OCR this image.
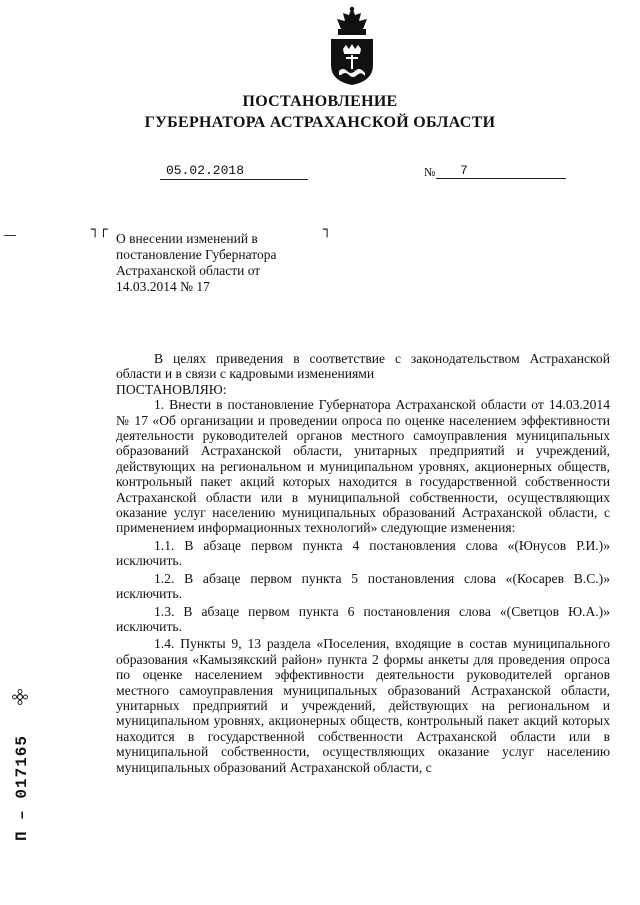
ПОСТАНОВЛЕНИЕ
ГУБЕРНАТОРА АСТРАХАНСКОЙ ОБЛАСТИ
05.02.2018	№	7
┐┌	┐
О внесении изменений в
постановление Губернатора
Астраханской области от
14.03.2014 № 17

В целях приведения в соответствие с законодательством Астраханской области и в связи с кадровыми изменениями

ПОСТАНОВЛЯЮ:

1. Внести в постановление Губернатора Астраханской области от 14.03.2014 № 17 «Об организации и проведении опроса по оценке населением эффективности деятельности руководителей органов местного самоуправления муниципальных образований Астраханской области, унитарных предприятий и учреждений, действующих на региональном и муниципальном уровнях, акционерных обществ, контрольный пакет акций которых находится в государственной собственности Астраханской области или в муниципальной собственности, осуществляющих оказание услуг населению муниципальных образований Астраханской области, с применением информационных технологий» следующие изменения:

1.1. В абзаце первом пункта 4 постановления слова «(Юнусов Р.И.)» исключить.

1.2. В абзаце первом пункта 5 постановления слова «(Косарев В.С.)» исключить.

1.3. В абзаце первом пункта 6 постановления слова «(Светцов Ю.А.)» исключить.

1.4. Пункты 9, 13 раздела «Поселения, входящие в состав муниципального образования «Камызякский район» пункта 2 формы анкеты для проведения опроса по оценке населением эффективности деятельности руководителей органов местного самоуправления муниципальных образований Астраханской области, унитарных предприятий и учреждений, действующих на региональном и муниципальном уровнях, акционерных обществ, контрольный пакет акций которых находится в государственной собственности Астраханской области или в муниципальной собственности, осуществляющих оказание услуг населению муниципальных образований Астраханской области, с

П – 017165
